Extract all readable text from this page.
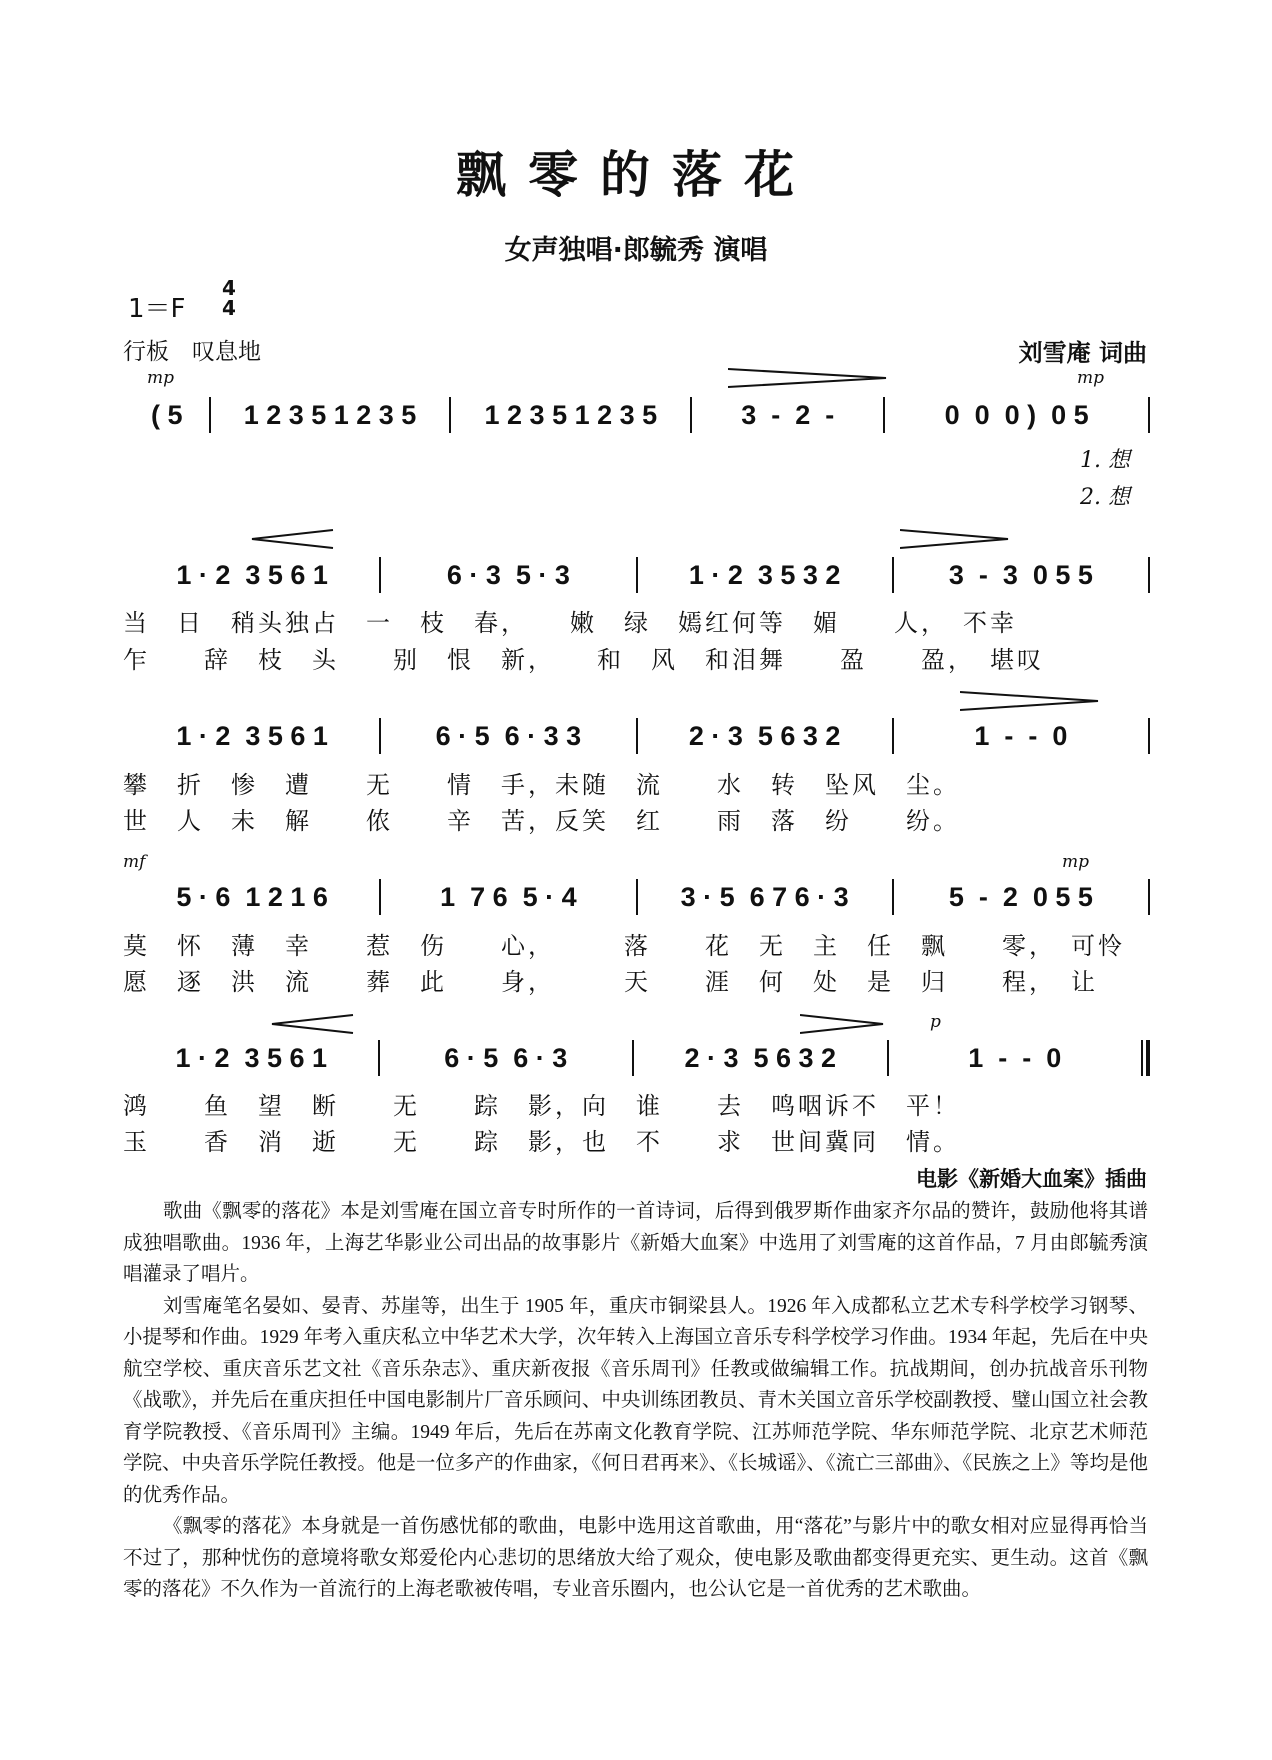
飘零的落花
女声独唱·郎毓秀 演唱
1＝F
4
4
行板　叹息地	刘雪庵 词曲
mp	mp
mf	mp
p
( 5	1 2 3 5 1 2 3 5	1 2 3 5 1 2 3 5	3  -  2  -	0  0  0 )  0 5
1. 想
2. 想
1 · 2  3 5 6 1	6 · 3  5 · 3	1 · 2  3 5 3 2	3  -  3  0 5 5
当　日　稍头独占　一　枝　春，　　嫩　绿　嫣红何等　媚　　人，　不幸
乍　　辞　枝　头　　别　恨　新，　　和　风　和泪舞　　盈　　盈，　堪叹
1 · 2  3 5 6 1	6 · 5  6 · 3 3	2 · 3  5 6 3 2	1  -  -  0
攀　折　惨　遭　　无　　情　手，未随　流　　水　转　坠风　尘。
世　人　未　解　　侬　　辛　苦，反笑　红　　雨　落　纷　　纷。
5 · 6  1 2 1 6	1  7 6  5 · 4	3 · 5  6 7 6 · 3	5  -  2  0 5 5
莫　怀　薄　幸　　惹　伤　　心，　　　落　　花　无　主　任　飘　　零，　可怜
愿　逐　洪　流　　葬　此　　身，　　　天　　涯　何　处　是　归　　程，　让
1 · 2  3 5 6 1	6 · 5  6 · 3	2 · 3  5 6 3 2	1  -  -  0
鸿　　鱼　望　断　　无　　踪　影，向　谁　　去　鸣咽诉不　平！
玉　　香　消　逝　　无　　踪　影，也　不　　求　世间冀同　情。
电影《新婚大血案》插曲

歌曲《飘零的落花》本是刘雪庵在国立音专时所作的一首诗词，后得到俄罗斯作曲家齐尔品的赞许，鼓励他将其谱成独唱歌曲。1936 年，上海艺华影业公司出品的故事影片《新婚大血案》中选用了刘雪庵的这首作品，7 月由郎毓秀演唱灌录了唱片。

刘雪庵笔名晏如、晏青、苏崖等，出生于 1905 年，重庆市铜梁县人。1926 年入成都私立艺术专科学校学习钢琴、小提琴和作曲。1929 年考入重庆私立中华艺术大学，次年转入上海国立音乐专科学校学习作曲。1934 年起，先后在中央航空学校、重庆音乐艺文社《音乐杂志》、重庆新夜报《音乐周刊》任教或做编辑工作。抗战期间，创办抗战音乐刊物《战歌》，并先后在重庆担任中国电影制片厂音乐顾问、中央训练团教员、青木关国立音乐学校副教授、璧山国立社会教育学院教授、《音乐周刊》主编。1949 年后，先后在苏南文化教育学院、江苏师范学院、华东师范学院、北京艺术师范学院、中央音乐学院任教授。他是一位多产的作曲家，《何日君再来》、《长城谣》、《流亡三部曲》、《民族之上》等均是他的优秀作品。

《飘零的落花》本身就是一首伤感忧郁的歌曲，电影中选用这首歌曲，用“落花”与影片中的歌女相对应显得再恰当不过了，那种忧伤的意境将歌女郑爱伦内心悲切的思绪放大给了观众，使电影及歌曲都变得更充实、更生动。这首《飘零的落花》不久作为一首流行的上海老歌被传唱，专业音乐圈内，也公认它是一首优秀的艺术歌曲。
